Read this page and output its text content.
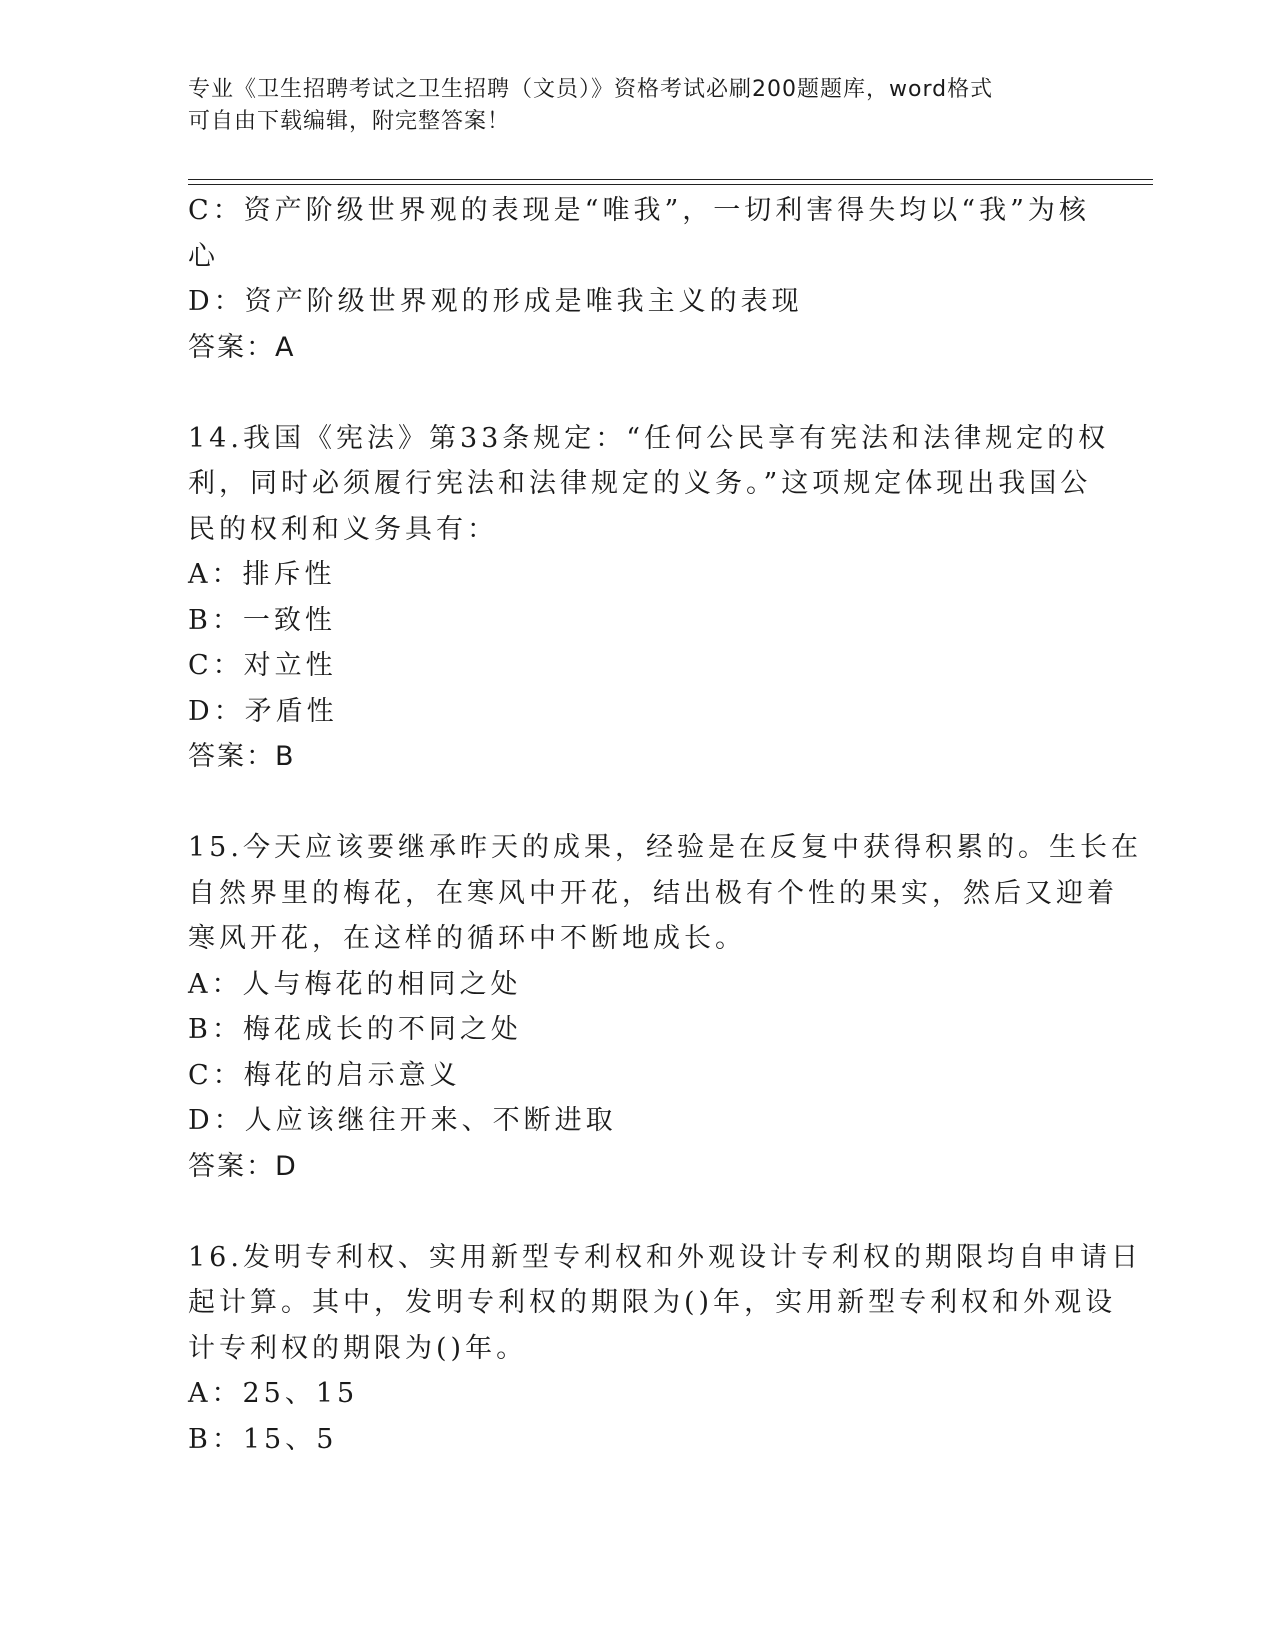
专业《卫生招聘考试之卫生招聘（文员）》资格考试必刷200题题库，word格式
可自由下载编辑，附完整答案！
C：资产阶级世界观的表现是“唯我”，一切利害得失均以“我”为核
心
D：资产阶级世界观的形成是唯我主义的表现
答案：A
14.我国《宪法》第33条规定：“任何公民享有宪法和法律规定的权
利，同时必须履行宪法和法律规定的义务。”这项规定体现出我国公
民的权利和义务具有：
A：排斥性
B：一致性
C：对立性
D：矛盾性
答案：B
15.今天应该要继承昨天的成果，经验是在反复中获得积累的。生长在
自然界里的梅花，在寒风中开花，结出极有个性的果实，然后又迎着
寒风开花，在这样的循环中不断地成长。
A：人与梅花的相同之处
B：梅花成长的不同之处
C：梅花的启示意义
D：人应该继往开来、不断进取
答案：D
16.发明专利权、实用新型专利权和外观设计专利权的期限均自申请日
起计算。其中，发明专利权的期限为()年，实用新型专利权和外观设
计专利权的期限为()年。
A：25、15
B：15、5
